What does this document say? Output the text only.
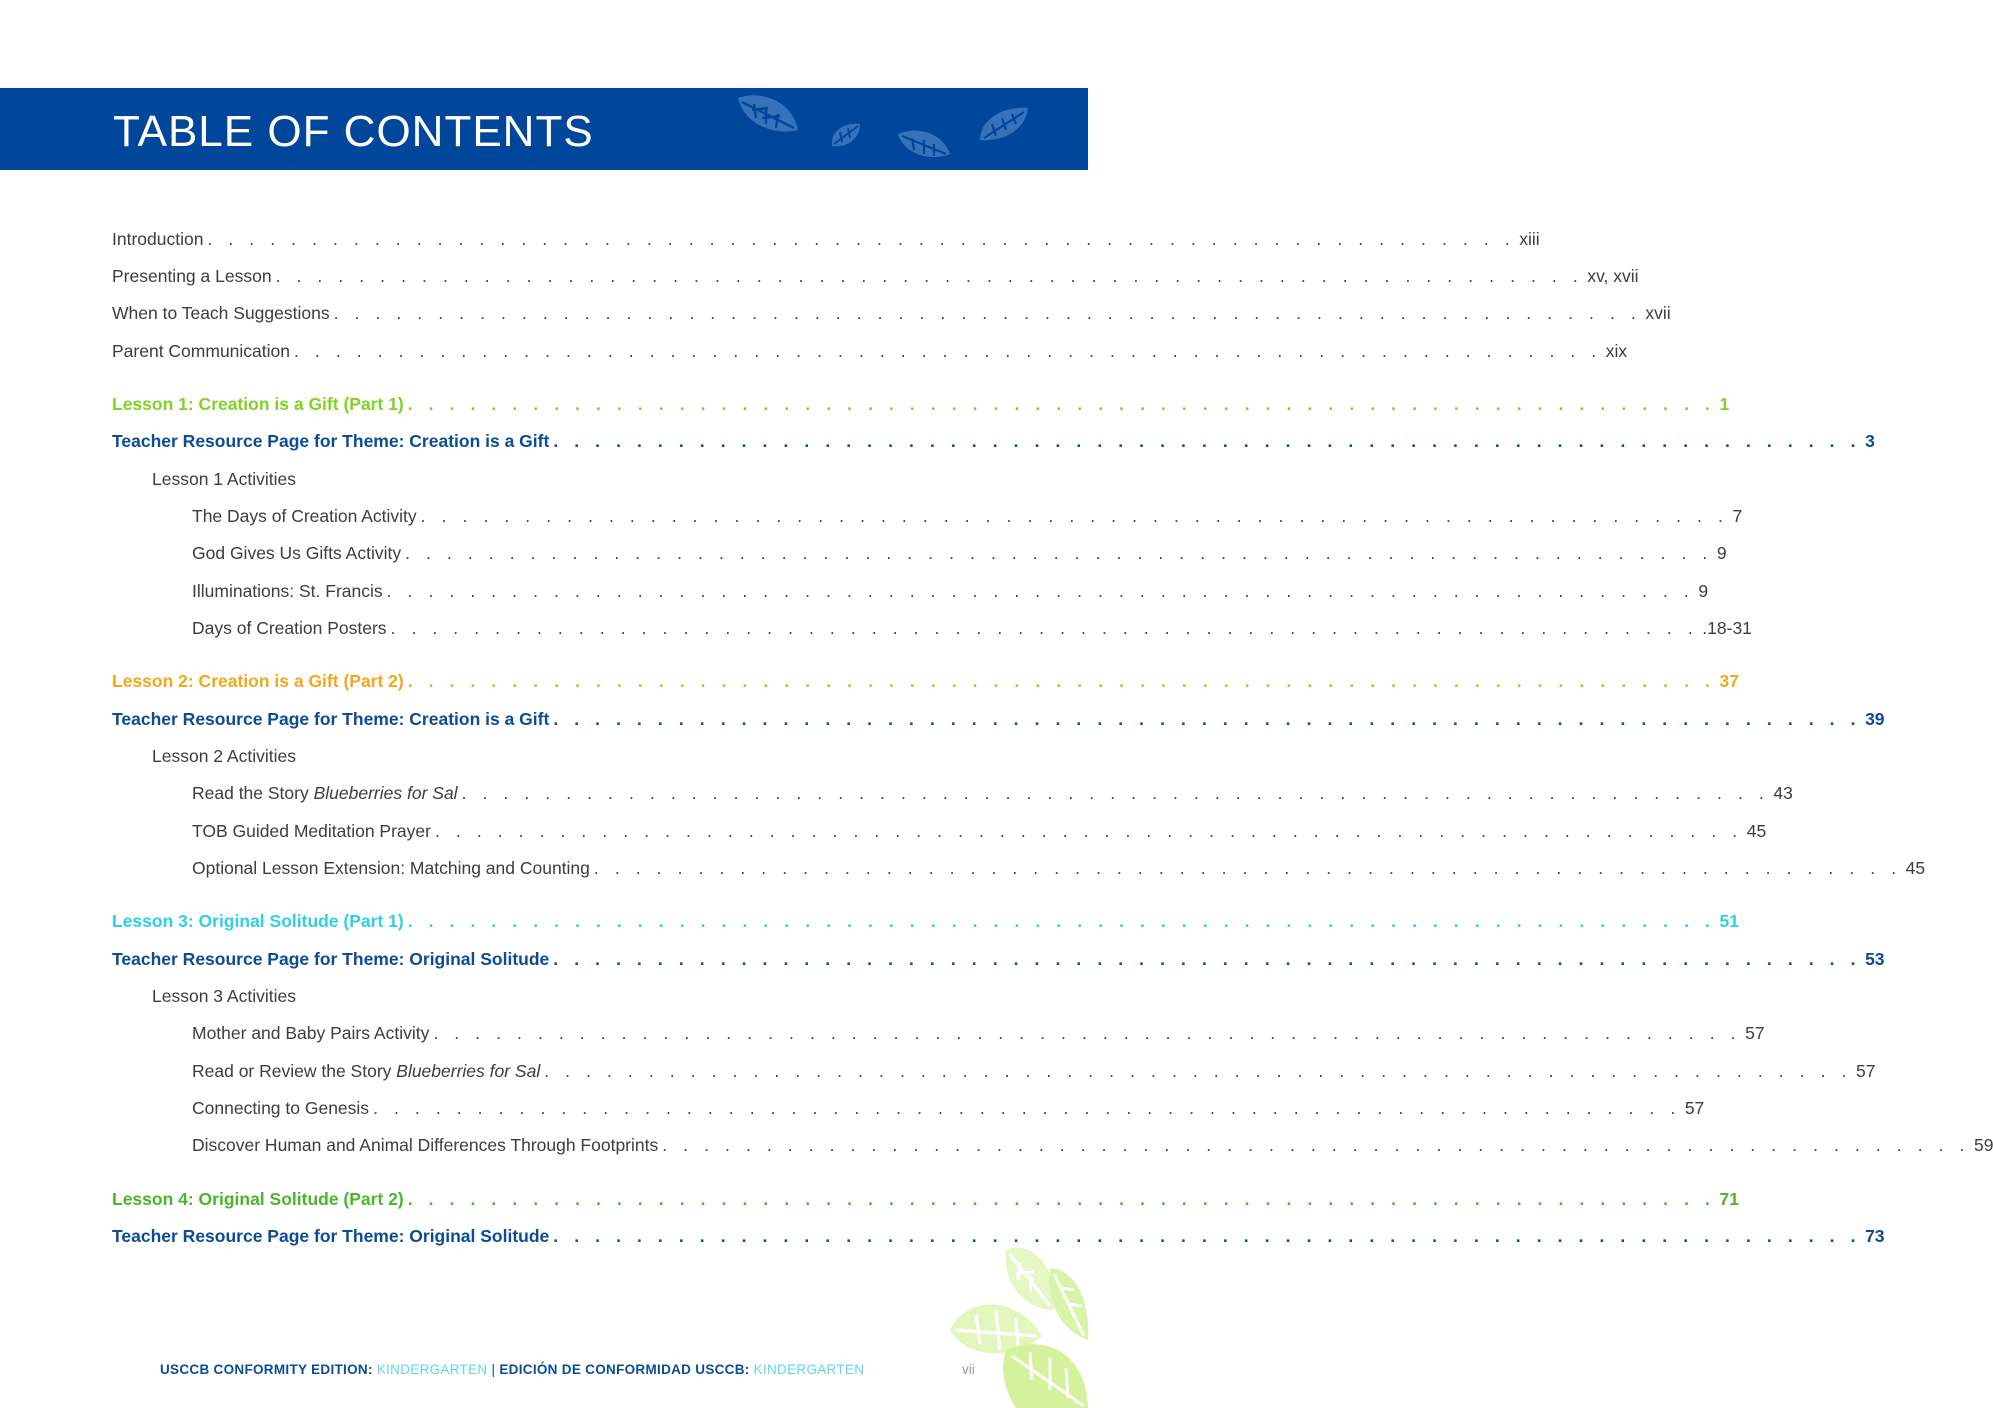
TABLE OF CONTENTS
Introduction . . . . . . . . . . . . . . . . . . . . . . . . . . . . . . . . . . . . . . . . . . . . . . . . . . . . . . . . . . . . . . . xiii
Presenting a Lesson . . . . . . . . . . . . . . . . . . . . . . . . . . . . . . . . . . . . . . . . . . . . . . . . . . . . . . . . . . . . . . . xv, xvii
When to Teach Suggestions . . . . . . . . . . . . . . . . . . . . . . . . . . . . . . . . . . . . . . . . . . . . . . . . . . . . . . . . . . . . . . . xvii
Parent Communication . . . . . . . . . . . . . . . . . . . . . . . . . . . . . . . . . . . . . . . . . . . . . . . . . . . . . . . . . . . . . . . xix
Lesson 1: Creation is a Gift (Part 1) . . . . . . . . . . . . . . . . . . . . . . . . . . . . . . . . . . . . . . . . . . . . . . . . . . . . . . . . . . . . . . . 1
Teacher Resource Page for Theme: Creation is a Gift . . . . . . . . . . . . . . . . . . . . . . . . . . . . . . . . . . . . . . . . . . . . . . . . . . . . . . . . . . . . . . . 3
Lesson 1 Activities
The Days of Creation Activity . . . . . . . . . . . . . . . . . . . . . . . . . . . . . . . . . . . . . . . . . . . . . . . . . . . . . . . . . . . . . . . 7
God Gives Us Gifts Activity . . . . . . . . . . . . . . . . . . . . . . . . . . . . . . . . . . . . . . . . . . . . . . . . . . . . . . . . . . . . . . . 9
Illuminations: St. Francis . . . . . . . . . . . . . . . . . . . . . . . . . . . . . . . . . . . . . . . . . . . . . . . . . . . . . . . . . . . . . . . 9
Days of Creation Posters . . . . . . . . . . . . . . . . . . . . . . . . . . . . . . . . . . . . . . . . . . . . . . . . . . . . . . . . . . . . . . . .18-31
Lesson 2: Creation is a Gift (Part 2) . . . . . . . . . . . . . . . . . . . . . . . . . . . . . . . . . . . . . . . . . . . . . . . . . . . . . . . . . . . . . . . 37
Teacher Resource Page for Theme: Creation is a Gift . . . . . . . . . . . . . . . . . . . . . . . . . . . . . . . . . . . . . . . . . . . . . . . . . . . . . . . . . . . . . . . 39
Lesson 2 Activities
Read the Story Blueberries for Sal . . . . . . . . . . . . . . . . . . . . . . . . . . . . . . . . . . . . . . . . . . . . . . . . . . . . . . . . . . . . . . . 43
TOB Guided Meditation Prayer . . . . . . . . . . . . . . . . . . . . . . . . . . . . . . . . . . . . . . . . . . . . . . . . . . . . . . . . . . . . . . . 45
Optional Lesson Extension: Matching and Counting . . . . . . . . . . . . . . . . . . . . . . . . . . . . . . . . . . . . . . . . . . . . . . . . . . . . . . . . . . . . . . . 45
Lesson 3: Original Solitude (Part 1) . . . . . . . . . . . . . . . . . . . . . . . . . . . . . . . . . . . . . . . . . . . . . . . . . . . . . . . . . . . . . . . 51
Teacher Resource Page for Theme: Original Solitude . . . . . . . . . . . . . . . . . . . . . . . . . . . . . . . . . . . . . . . . . . . . . . . . . . . . . . . . . . . . . . . 53
Lesson 3 Activities
Mother and Baby Pairs Activity . . . . . . . . . . . . . . . . . . . . . . . . . . . . . . . . . . . . . . . . . . . . . . . . . . . . . . . . . . . . . . . 57
Read or Review the Story Blueberries for Sal . . . . . . . . . . . . . . . . . . . . . . . . . . . . . . . . . . . . . . . . . . . . . . . . . . . . . . . . . . . . . . . 57
Connecting to Genesis . . . . . . . . . . . . . . . . . . . . . . . . . . . . . . . . . . . . . . . . . . . . . . . . . . . . . . . . . . . . . . . 57
Discover Human and Animal Differences Through Footprints . . . . . . . . . . . . . . . . . . . . . . . . . . . . . . . . . . . . . . . . . . . . . . . . . . . . . . . . . . . . . . . 59
Lesson 4: Original Solitude (Part 2) . . . . . . . . . . . . . . . . . . . . . . . . . . . . . . . . . . . . . . . . . . . . . . . . . . . . . . . . . . . . . . . 71
Teacher Resource Page for Theme: Original Solitude . . . . . . . . . . . . . . . . . . . . . . . . . . . . . . . . . . . . . . . . . . . . . . . . . . . . . . . . . . . . . . . 73
USCCB CONFORMITY EDITION: KINDERGARTEN | EDICIÓN DE CONFORMIDAD USCCB: KINDERGARTEN	vii
